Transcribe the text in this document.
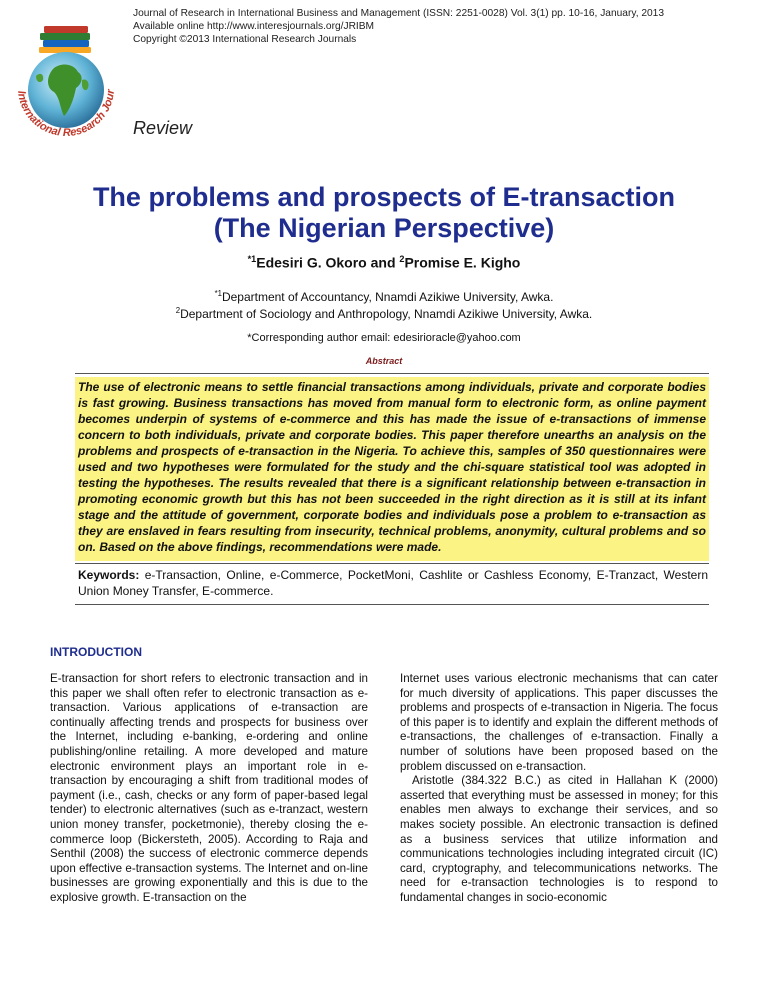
International Research Jour
Journal of Research in International Business and Management (ISSN: 2251-0028) Vol. 3(1) pp. 10-16, January, 2013
Available online http://www.interesjournals.org/JRIBM
Copyright ©2013 International Research Journals
Review
The problems and prospects of E-transaction
(The Nigerian Perspective)
$^{*1}$Edesiri G. Okoro and $^2$Promise E. Kigho
$^{*1}$Department of Accountancy, Nnamdi Azikiwe University, Awka.
$^2$Department of Sociology and Anthropology, Nnamdi Azikiwe University, Awka.
*Corresponding author email: edesirioracle@yahoo.com
Abstract

The use of electronic means to settle financial transactions among individuals, private and corporate bodies is fast growing. Business transactions has moved from manual form to electronic form, as online payment becomes underpin of systems of e-commerce and this has made the issue of e-transactions of immense concern to both individuals, private and corporate bodies. This paper therefore unearths an analysis on the problems and prospects of e-transaction in the Nigeria. To achieve this, samples of 350 questionnaires were used and two hypotheses were formulated for the study and the chi-square statistical tool was adopted in testing the hypotheses. The results revealed that there is a significant relationship between e-transaction in promoting economic growth but this has not been succeeded in the right direction as it is still at its infant stage and the attitude of government, corporate bodies and individuals pose a problem to e-transaction as they are enslaved in fears resulting from insecurity, technical problems, anonymity, cultural problems and so on. Based on the above findings, recommendations were made.

Keywords: e-Transaction, Online, e-Commerce, PocketMoni, Cashlite or Cashless Economy, E-Tranzact, Western Union Money Transfer, E-commerce.
INTRODUCTION

E-transaction for short refers to electronic transaction and in this paper we shall often refer to electronic transaction as e-transaction. Various applications of e-transaction are continually affecting trends and prospects for business over the Internet, including e-banking, e-ordering and online publishing/online retailing. A more developed and mature electronic environment plays an important role in e-transaction by encouraging a shift from traditional modes of payment (i.e., cash, checks or any form of paper-based legal tender) to electronic alternatives (such as e-tranzact, western union money transfer, pocketmonie), thereby closing the e-commerce loop (Bickersteth, 2005). According to Raja and Senthil (2008) the success of electronic commerce depends upon effective e-transaction systems. The Internet and on-line businesses are growing exponentially and this is due to the explosive growth. E-transaction on the

Internet uses various electronic mechanisms that can cater for much diversity of applications. This paper discusses the problems and prospects of e-transaction in Nigeria. The focus of this paper is to identify and explain the different methods of e-transactions, the challenges of e-transaction. Finally a number of solutions have been proposed based on the problem discussed on e-transaction.

Aristotle (384.322 B.C.) as cited in Hallahan K (2000) asserted that everything must be assessed in money; for this enables men always to exchange their services, and so makes society possible. An electronic transaction is defined as a business services that utilize information and communications technologies including integrated circuit (IC) card, cryptography, and telecommunications networks. The need for e-transaction technologies is to respond to fundamental changes in socio-economic
